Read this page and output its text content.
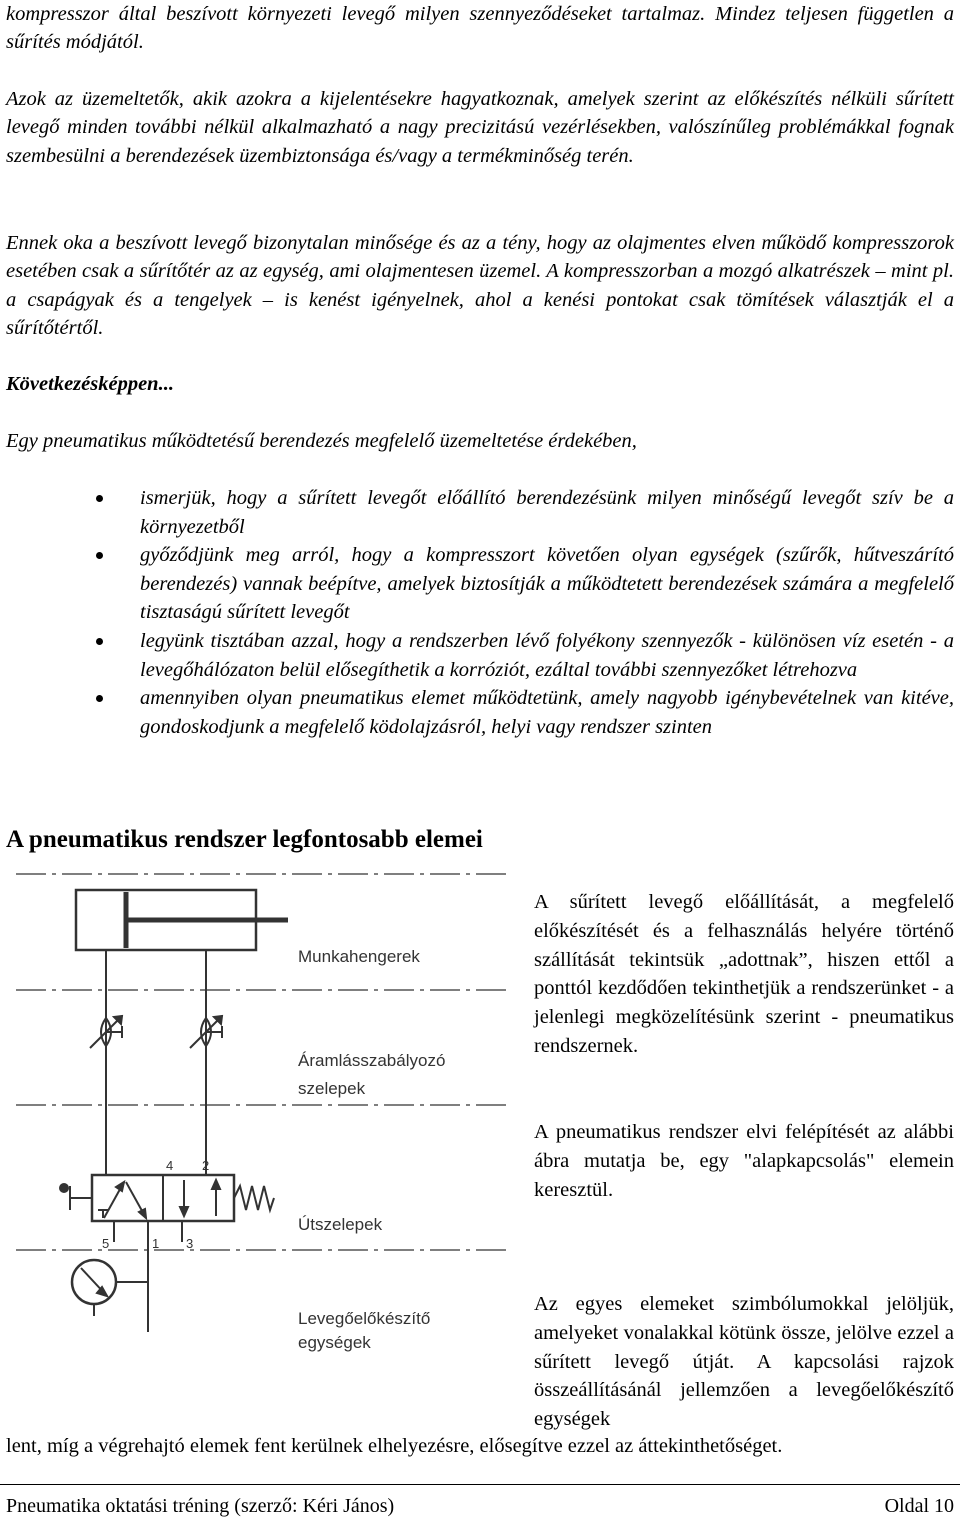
kompresszor által beszívott környezeti levegő milyen szennyeződéseket tartalmaz. Mindez teljesen független a sűrítés módjától.

Azok az üzemeltetők, akik azokra a kijelentésekre hagyatkoznak, amelyek szerint az előkészítés nélküli sűrített levegő minden további nélkül alkalmazható a nagy precizitású vezérlésekben, valószínűleg problémákkal fognak szembesülni a berendezések üzembiztonsága és/vagy a termékminőség terén.

Ennek oka a beszívott levegő bizonytalan minősége és az a tény, hogy az olajmentes elven működő kompresszorok esetében csak a sűrítőtér az az egység, ami olajmentesen üzemel. A kompresszorban a mozgó alkatrészek – mint pl. a csapágyak és a tengelyek – is kenést igényelnek, ahol a kenési pontokat csak tömítések választják el a sűrítőtértől.

Következésképpen...

Egy pneumatikus működtetésű berendezés megfelelő üzemeltetése érdekében,

ismerjük, hogy a sűrített levegőt előállító berendezésünk milyen minőségű levegőt szív be a környezetből
győződjünk meg arról, hogy a kompresszort követően olyan egységek (szűrők, hűtveszárító berendezés) vannak beépítve, amelyek biztosítják a működtetett berendezések számára a megfelelő tisztaságú sűrített levegőt
legyünk tisztában azzal, hogy a rendszerben lévő folyékony szennyezők - különösen víz esetén - a levegőhálózaton belül elősegíthetik a korróziót, ezáltal további szennyezőket létrehozva
amennyiben olyan pneumatikus elemet működtetünk, amely nagyobb igénybevételnek van kitéve, gondoskodjunk a megfelelő ködolajzásról, helyi vagy rendszer szinten
A pneumatikus rendszer legfontosabb elemei
4 2
5	1 3
Munkahengerek
Áramlásszabályozó
szelepek
Útszelepek
Levegőelőkészítő
egységek

A sűrített levegő előállítását, a megfelelő előkészítését és a felhasználás helyére történő szállítását tekintsük „adottnak”, hiszen ettől a ponttól kezdődően tekinthetjük a rendszerünket - a jelenlegi megközelítésünk szerint - pneumatikus rendszernek.

A pneumatikus rendszer elvi felépítését az alábbi ábra mutatja be, egy "alapkapcsolás" elemein keresztül.

Az egyes elemeket szimbólumokkal jelöljük, amelyeket vonalakkal kötünk össze, jelölve ezzel a sűrített levegő útját. A kapcsolási rajzok összeállításánál jellemzően a levegőelőkészítő egységek

lent, míg a végrehajtó elemek fent kerülnek elhelyezésre, elősegítve ezzel az áttekinthetőséget.

Pneumatika oktatási tréning (szerző: Kéri János)	Oldal 10
